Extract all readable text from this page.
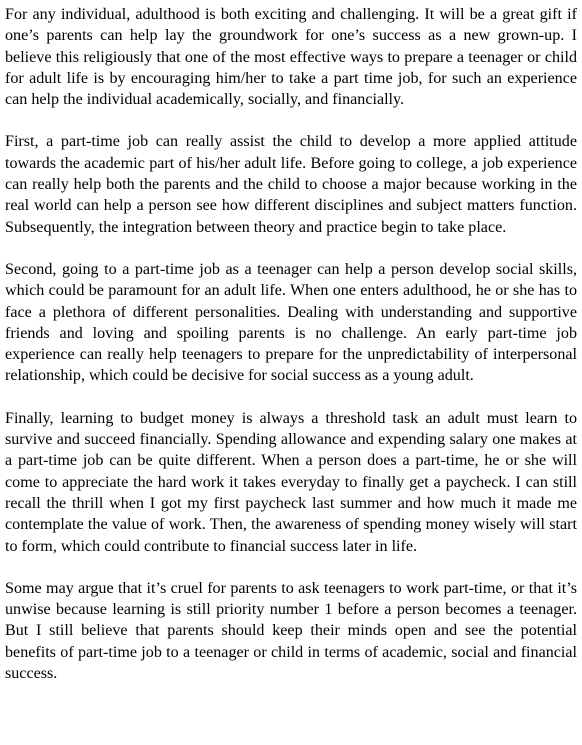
For any individual, adulthood is both exciting and challenging. It will be a great gift if one’s parents can help lay the groundwork for one’s success as a new grown-up. I believe this religiously that one of the most effective ways to prepare a teenager or child for adult life is by encouraging him/her to take a part time job, for such an experience can help the individual academically, socially, and financially.

First, a part-time job can really assist the child to develop a more applied attitude towards the academic part of his/her adult life. Before going to college, a job experience can really help both the parents and the child to choose a major because working in the real world can help a person see how different disciplines and subject matters function. Subsequently, the integration between theory and practice begin to take place.

Second, going to a part-time job as a teenager can help a person develop social skills, which could be paramount for an adult life. When one enters adulthood, he or she has to face a plethora of different personalities. Dealing with understanding and supportive friends and loving and spoiling parents is no challenge. An early part-time job experience can really help teenagers to prepare for the unpredictability of interpersonal relationship, which could be decisive for social success as a young adult.

Finally, learning to budget money is always a threshold task an adult must learn to survive and succeed financially. Spending allowance and expending salary one makes at a part-time job can be quite different. When a person does a part-time, he or she will come to appreciate the hard work it takes everyday to finally get a paycheck. I can still recall the thrill when I got my first paycheck last summer and how much it made me contemplate the value of work. Then, the awareness of spending money wisely will start to form, which could contribute to financial success later in life.

Some may argue that it’s cruel for parents to ask teenagers to work part-time, or that it’s unwise because learning is still priority number 1 before a person becomes a teenager. But I still believe that parents should keep their minds open and see the potential benefits of part-time job to a teenager or child in terms of academic, social and financial success.
